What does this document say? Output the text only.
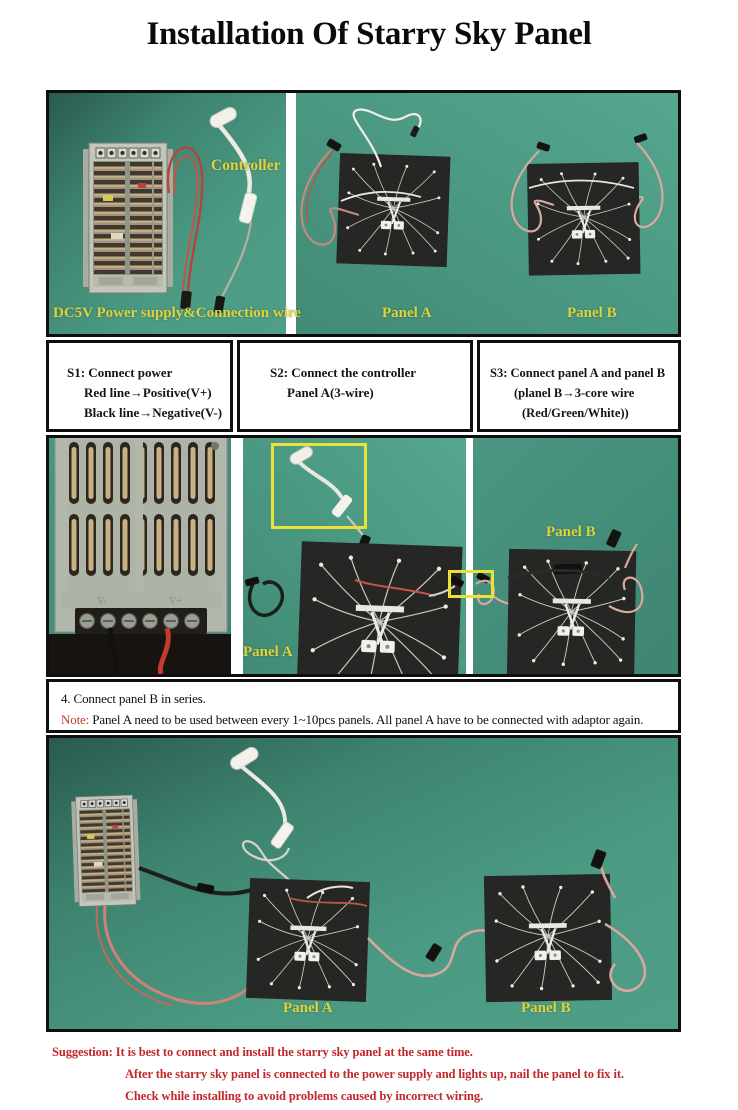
Installation Of Starry Sky Panel
Controller
DC5V Power supply&Connection wire	Panel A	Panel B
S1: Connect power
Red line→Positive(V+)
Black line→Negative(V-)
S2: Connect the controller
Panel A(3-wire)
S3: Connect panel A and panel B
(planel B→3-core wire
(Red/Green/White))
V-	V+
Panel A
Panel B
4. Connect panel B in series.
Note: Panel A need to be used between every 1~10pcs panels. All panel A have to be connected with adaptor again.
Panel A	Panel B
Suggestion: It is best to connect and install the starry sky panel at the same time.
After the starry sky panel is connected to the power supply and lights up, nail the panel to fix it.
Check while installing to avoid problems caused by incorrect wiring.
